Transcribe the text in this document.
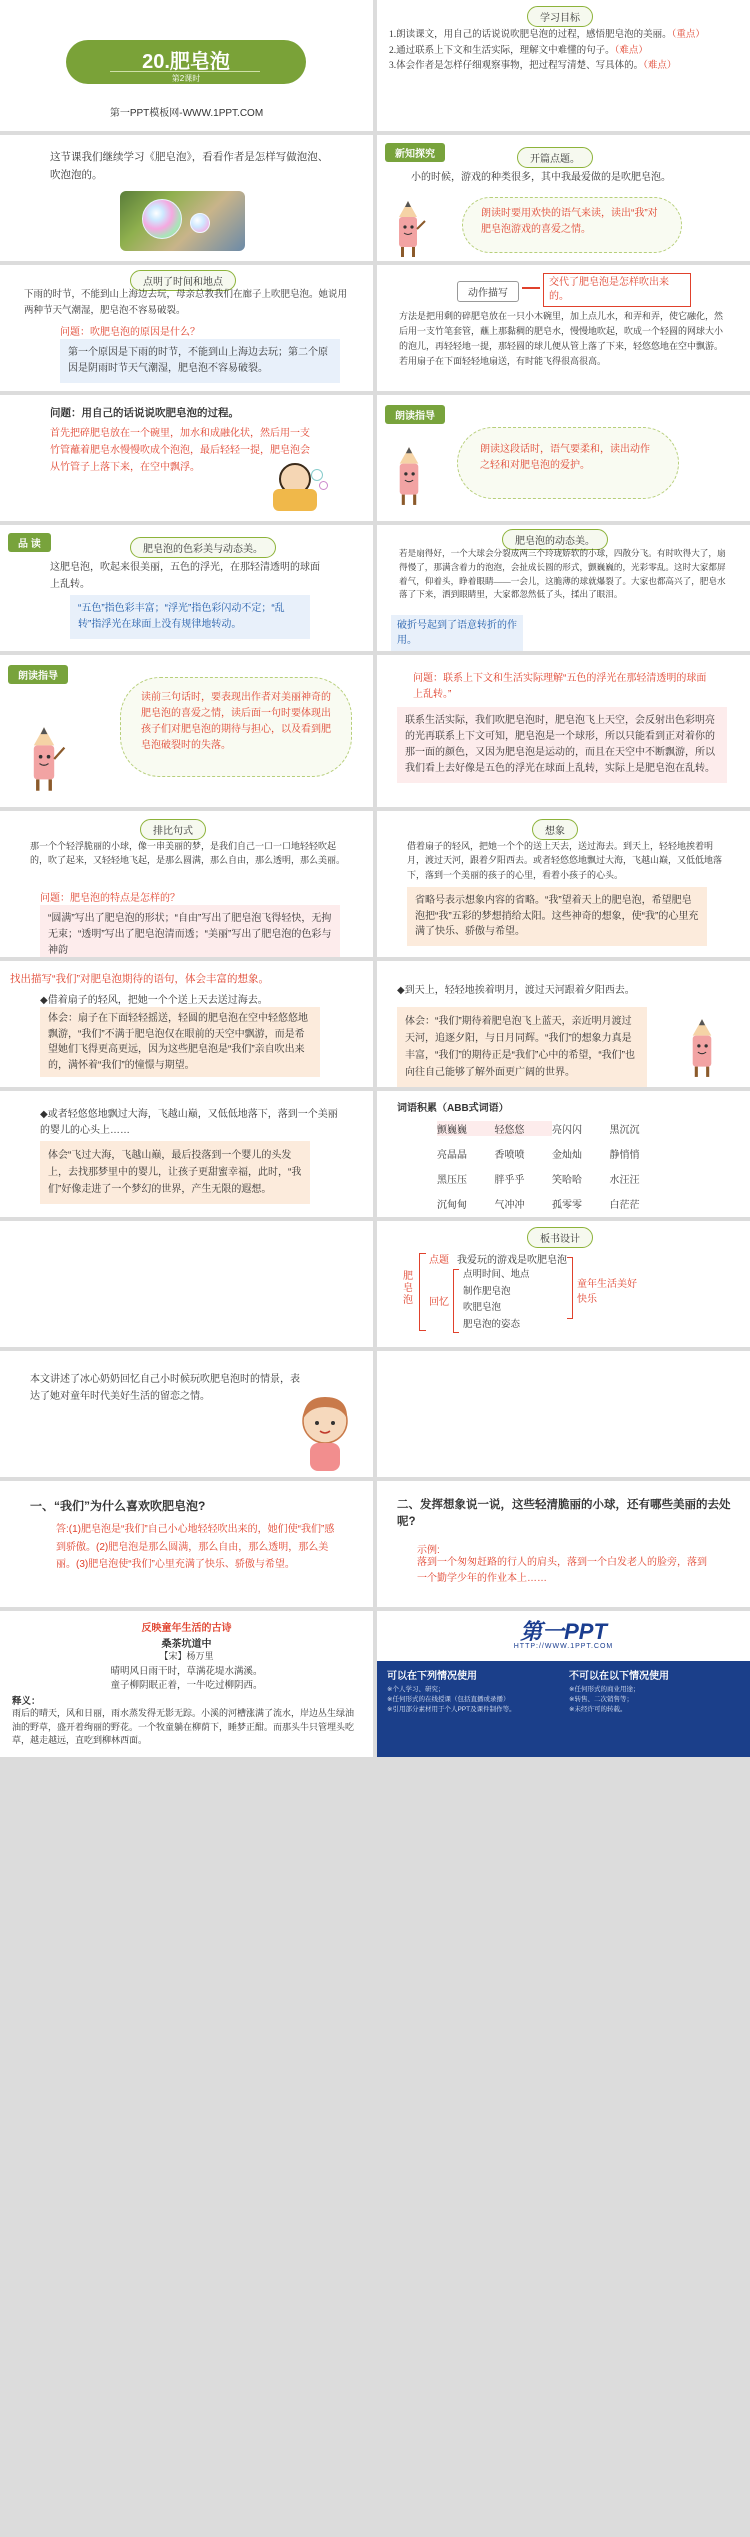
20.肥皂泡
第2课时
第一PPT模板网-WWW.1PPT.COM
学习目标
1.朗读课文，用自己的话说说吹肥皂泡的过程，感悟肥皂泡的美丽。（重点）
2.通过联系上下文和生活实际，理解文中难懂的句子。（难点）
3.体会作者是怎样仔细观察事物，把过程写清楚、写具体的。（难点）
这节课我们继续学习《肥皂泡》，看看作者是怎样写做泡泡、吹泡泡的。
新知探究	开篇点题。
小的时候，游戏的种类很多，其中我最爱做的是吹肥皂泡。
朗读时要用欢快的语气来读，读出“我”对肥皂泡游戏的喜爱之情。
点明了时间和地点
下雨的时节，不能到山上海边去玩，母亲总教我们在廊子上吹肥皂泡。她说用两种节天气潮湿，肥皂泡不容易破裂。
问题：吹肥皂泡的原因是什么？
第一个原因是下雨的时节，不能到山上海边去玩；第二个原因是阴雨时节天气潮湿，肥皂泡不容易破裂。
动作描写
交代了肥皂泡是怎样吹出来的。
方法是把用剩的碎肥皂放在一只小木碗里，加上点儿水，和弄和弄，使它融化，然后用一支竹笔套管，蘸上那黏稠的肥皂水，慢慢地吹起，吹成一个轻圆的网球大小的泡儿，再轻轻地一提，那轻圆的球儿便从管上落了下来，轻悠悠地在空中飘游。若用扇子在下面轻轻地扇送，有时能飞得很高很高。
问题：用自己的话说说吹肥皂泡的过程。
首先把碎肥皂放在一个碗里，加水和成融化状，然后用一支竹管蘸着肥皂水慢慢吹成个泡泡，最后轻轻一提，肥皂泡会从竹管子上落下来，在空中飘浮。
朗读指导
朗读这段话时，语气要柔和，读出动作之轻和对肥皂泡的爱护。
品 读	肥皂泡的色彩美与动态美。
这肥皂泡，吹起来很美丽，五色的浮光，在那轻清透明的球面上乱转。
“五色”指色彩丰富；“浮光”指色彩闪动不定；“乱转”指浮光在球面上没有规律地转动。
肥皂泡的动态美。
若是扇得好，一个大球会分裂成两三个玲珑娇软的小球，四散分飞。有时吹得大了，扇得慢了，那满含着力的泡泡，会扯成长圆的形式，颤巍巍的，光彩零乱。这时大家都屏着气，仰着头，睁着眼睛——一会儿，这脆薄的球就爆裂了。大家也都高兴了，肥皂水落了下来，洒到眼睛里，大家都忽然低了头，揉出了眼泪。
破折号起到了语意转折的作用。
朗读指导
读前三句话时，要表现出作者对美丽神奇的肥皂泡的喜爱之情，读后面一句时要体现出孩子们对肥皂泡的期待与担心，以及看到肥皂泡破裂时的失落。
问题：联系上下文和生活实际理解“五色的浮光在那轻清透明的球面上乱转。”
联系生活实际，我们吹肥皂泡时，肥皂泡飞上天空，会反射出色彩明亮的光再联系上下文可知，肥皂泡是一个球形，所以只能看到正对着你的那一面的颜色，又因为肥皂泡是运动的，而且在天空中不断飘游，所以我们看上去好像是五色的浮光在球面上乱转，实际上是肥皂泡在乱转。
排比句式
那一个个轻浮脆丽的小球，像一串美丽的梦，是我们自己一口一口地轻轻吹起的，吹了起来，又轻轻地飞起，是那么圆满，那么自由，那么透明，那么美丽。
问题：肥皂泡的特点是怎样的？
“圆满”写出了肥皂泡的形状；“自由”写出了肥皂泡飞得轻快，无拘无束；“透明”写出了肥皂泡清而透；“美丽”写出了肥皂泡的色彩与神韵
想象
借着扇子的轻风，把她一个个的送上天去，送过海去。到天上，轻轻地挨着明月，渡过天河，跟着夕阳西去。或者轻悠悠地飘过大海，飞越山巅，又低低地落下，落到一个美丽的孩子的心里，看着小孩子的心头。
省略号表示想象内容的省略。“我”望着天上的肥皂泡，希望肥皂泡把“我”五彩的梦想捎给太阳。这些神奇的想象，使“我”的心里充满了快乐、骄傲与希望。
找出描写“我们”对肥皂泡期待的语句，体会丰富的想象。
◆借着扇子的轻风，把她一个个送上天去送过海去。
体会：扇子在下面轻轻摇送，轻圆的肥皂泡在空中轻悠悠地飘游，“我们”不满于肥皂泡仅在眼前的天空中飘游，而是希望她们飞得更高更远，因为这些肥皂泡是“我们”亲自吹出来的，满怀着“我们”的憧憬与期望。
◆到天上，轻轻地挨着明月，渡过天河跟着夕阳西去。
体会：“我们”期待着肥皂泡飞上蓝天，亲近明月渡过天河，追逐夕阳，与日月同辉。“我们”的想象力真是丰富，“我们”的期待正是“我们”心中的希望，“我们”也向往自己能够了解外面更广阔的世界。
◆或者轻悠悠地飘过大海，飞越山巅，又低低地落下，落到一个美丽的婴儿的心头上……
体会“飞过大海，飞越山巅，最后投落到一个婴儿的头发上，去找那梦里中的婴儿，让孩子更甜蜜幸福，此时，“我们”好像走进了一个梦幻的世界，产生无限的遐想。
词语积累（ABB式词语）
颤巍巍	轻悠悠	亮闪闪	黑沉沉
亮晶晶	香喷喷	金灿灿	静悄悄
黑压压	胖乎乎	笑哈哈	水汪汪
沉甸甸	气冲冲	孤零零	白茫茫
板书设计
肥皂泡
点题 我爱玩的游戏是吹肥皂泡
回忆
点明时间、地点
制作肥皂泡
吹肥皂泡
肥皂泡的姿态
童年生活美好快乐
本文讲述了冰心奶奶回忆自己小时候玩吹肥皂泡时的情景，表达了她对童年时代美好生活的留恋之情。
一、“我们”为什么喜欢吹肥皂泡?
答:(1)肥皂泡是“我们”自己小心地轻轻吹出来的，她们使“我们”感到骄傲。(2)肥皂泡是那么圆满，那么自由，那么透明，那么美丽。(3)肥皂泡使“我们”心里充满了快乐、骄傲与希望。
二、发挥想象说一说，这些轻清脆丽的小球，还有哪些美丽的去处呢?
示例:
落到一个匆匆赶路的行人的肩头，落到一个白发老人的脸旁，落到一个勤学少年的作业本上……
反映童年生活的古诗
桑茶坑道中
【宋】杨万里
晴明风日雨干时，草满花堤水满溪。
童子柳阴眠正着，一牛吃过柳阴西。
释义：
雨后的晴天，风和日丽，雨水蒸发得无影无踪。小溪的河槽涨满了流水，岸边丛生绿油油的野草，盛开着绚丽的野花。一个牧童躺在柳荫下，睡梦正酣。而那头牛只管埋头吃草，越走越远，直吃到柳林西面。
第一PPT
HTTP://WWW.1PPT.COM
可以在下列情况使用	不可以在以下情况使用
※个人学习、研究；
※任何形式的在线授课（包括直播或录播）
※引用部分素材用于个人PPT及课件制作等。
※任何形式的商业用途；
※转售、二次销售等；
※未经许可的转载。
